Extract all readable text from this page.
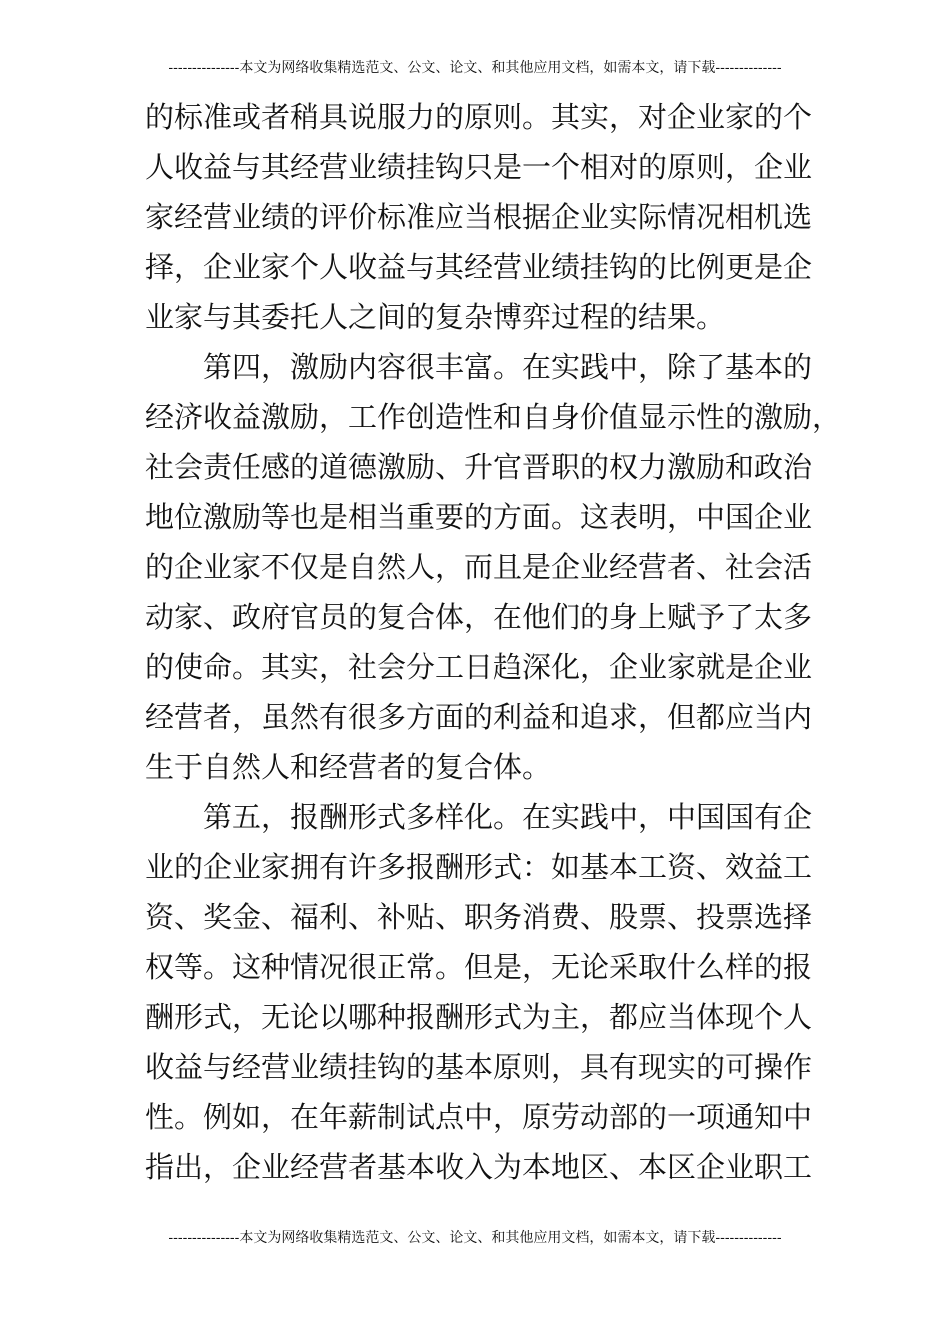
---------------本文为网络收集精选范文、公文、论文、和其他应用文档，如需本文，请下载--------------
的标准或者稍具说服力的原则。其实，对企业家的个
人收益与其经营业绩挂钩只是一个相对的原则，企业
家经营业绩的评价标准应当根据企业实际情况相机选
择，企业家个人收益与其经营业绩挂钩的比例更是企
业家与其委托人之间的复杂博弈过程的结果。
　　第四，激励内容很丰富。在实践中，除了基本的
经济收益激励，工作创造性和自身价值显示性的激励，
社会责任感的道德激励、升官晋职的权力激励和政治
地位激励等也是相当重要的方面。这表明，中国企业
的企业家不仅是自然人，而且是企业经营者、社会活
动家、政府官员的复合体，在他们的身上赋予了太多
的使命。其实，社会分工日趋深化，企业家就是企业
经营者，虽然有很多方面的利益和追求，但都应当内
生于自然人和经营者的复合体。
　　第五，报酬形式多样化。在实践中，中国国有企
业的企业家拥有许多报酬形式：如基本工资、效益工
资、奖金、福利、补贴、职务消费、股票、投票选择
权等。这种情况很正常。但是，无论采取什么样的报
酬形式，无论以哪种报酬形式为主，都应当体现个人
收益与经营业绩挂钩的基本原则，具有现实的可操作
性。例如，在年薪制试点中，原劳动部的一项通知中
指出，企业经营者基本收入为本地区、本区企业职工
---------------本文为网络收集精选范文、公文、论文、和其他应用文档，如需本文，请下载--------------
